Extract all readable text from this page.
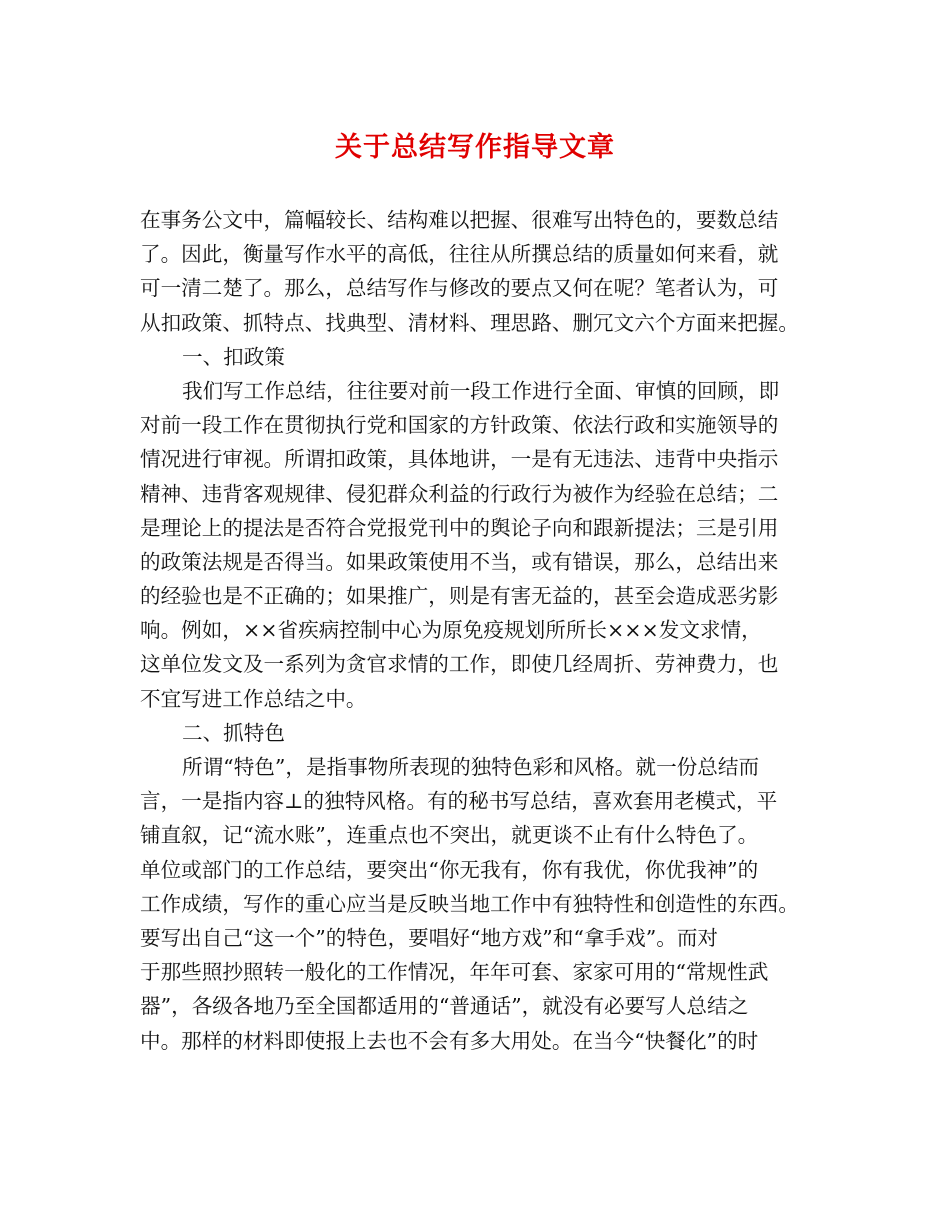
关于总结写作指导文章
在事务公文中，篇幅较长、结构难以把握、很难写出特色的，要数总结
了。因此，衡量写作水平的高低，往往从所撰总结的质量如何来看，就
可一清二楚了。那么，总结写作与修改的要点又何在呢？笔者认为，可
从扣政策、抓特点、找典型、清材料、理思路、删冗文六个方面来把握。
一、扣政策
我们写工作总结，往往要对前一段工作进行全面、审慎的回顾，即
对前一段工作在贯彻执行党和国家的方针政策、依法行政和实施领导的
情况进行审视。所谓扣政策，具体地讲，一是有无违法、违背中央指示
精神、违背客观规律、侵犯群众利益的行政行为被作为经验在总结；二
是理论上的提法是否符合党报党刊中的舆论子向和跟新提法；三是引用
的政策法规是否得当。如果政策使用不当，或有错误，那么，总结出来
的经验也是不正确的；如果推广，则是有害无益的，甚至会造成恶劣影
响。例如，××省疾病控制中心为原免疫规划所所长×××发文求情，
这单位发文及一系列为贪官求情的工作，即使几经周折、劳神费力，也
不宜写进工作总结之中。
二、抓特色
所谓“特色”，是指事物所表现的独特色彩和风格。就一份总结而
言，一是指内容⊥的独特风格。有的秘书写总结，喜欢套用老模式，平
铺直叙，记“流水账”，连重点也不突出，就更谈不止有什么特色了。
单位或部门的工作总结，要突出“你无我有，你有我优，你优我神”的
工作成绩，写作的重心应当是反映当地工作中有独特性和创造性的东西。
要写出自己“这一个”的特色，要唱好“地方戏”和“拿手戏”。而对
于那些照抄照转一般化的工作情况，年年可套、家家可用的“常规性武
器”，各级各地乃至全国都适用的“普通话”，就没有必要写人总结之
中。那样的材料即使报上去也不会有多大用处。在当今“快餐化”的时
